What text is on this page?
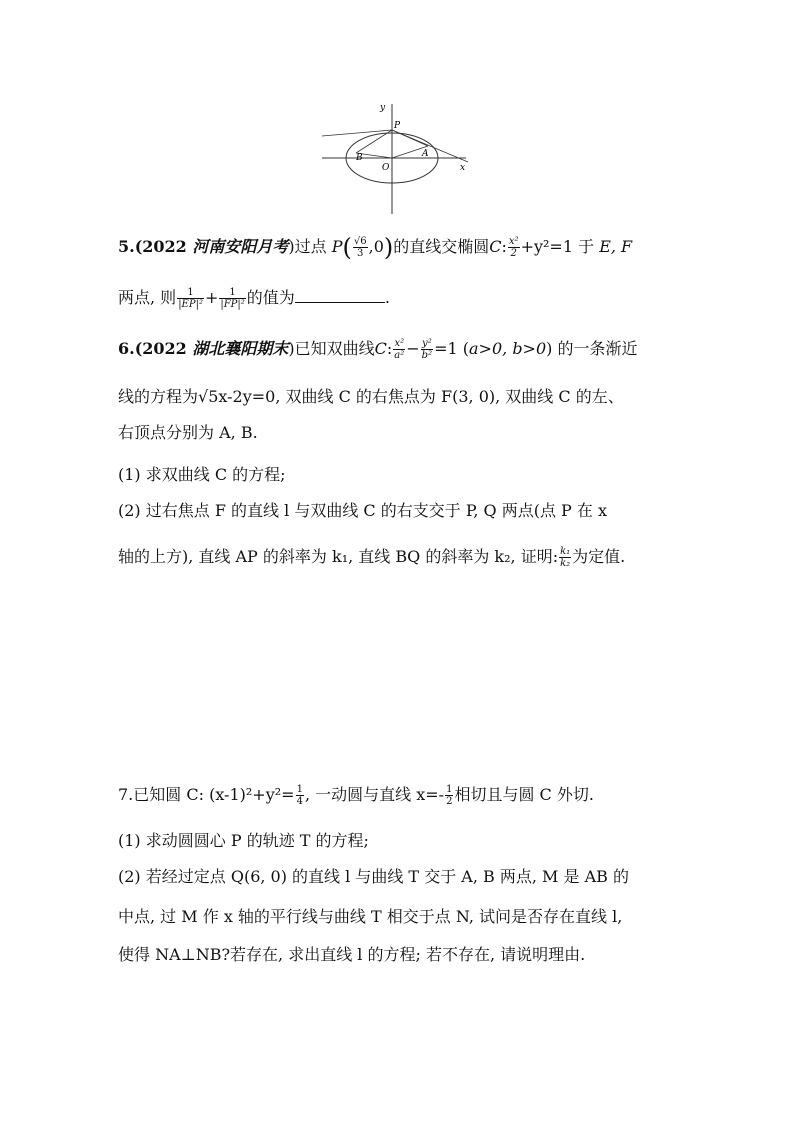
y
x
P
B	A
O
5.(2022 河南安阳月考)过点 $P( \frac{√6}{3} ,0)$的直线交椭圆C: $\frac{\text{x²}}{2} +y^2=1$ 于 E, F
两点, 则 $\frac{1}{\text{|EP|²}} + \frac{1}{\text{|FP|²}}$ 的值为	.
6.(2022 湖北襄阳期末)已知双曲线C: $\frac{\text{x²}}{\text{a²}} - \frac{\text{y²}}{\text{b²}} =1$ (a>0, b>0) 的一条渐近
线的方程为√5x-2y=0, 双曲线 C 的右焦点为 F(3, 0), 双曲线 C 的左、
右顶点分别为 A, B.
(1) 求双曲线 C 的方程;
(2) 过右焦点 F 的直线 l 与双曲线 C 的右支交于 P, Q 两点(点 P 在 x
轴的上方), 直线 AP 的斜率为 k₁, 直线 BQ 的斜率为 k₂, 证明: $\frac{\text{k₁}}{\text{k₂}}$ 为定值.
7.已知圆 C: $(x-1)^2+y^2= \frac{1}{4}$ , 一动圆与直线 $x=- \frac{1}{2}$ 相切且与圆 C 外切.
(1) 求动圆圆心 P 的轨迹 T 的方程;
(2) 若经过定点 Q(6, 0) 的直线 l 与曲线 T 交于 A, B 两点, M 是 AB 的
中点, 过 M 作 x 轴的平行线与曲线 T 相交于点 N, 试问是否存在直线 l,
使得 NA⊥NB?若存在, 求出直线 l 的方程; 若不存在, 请说明理由.
